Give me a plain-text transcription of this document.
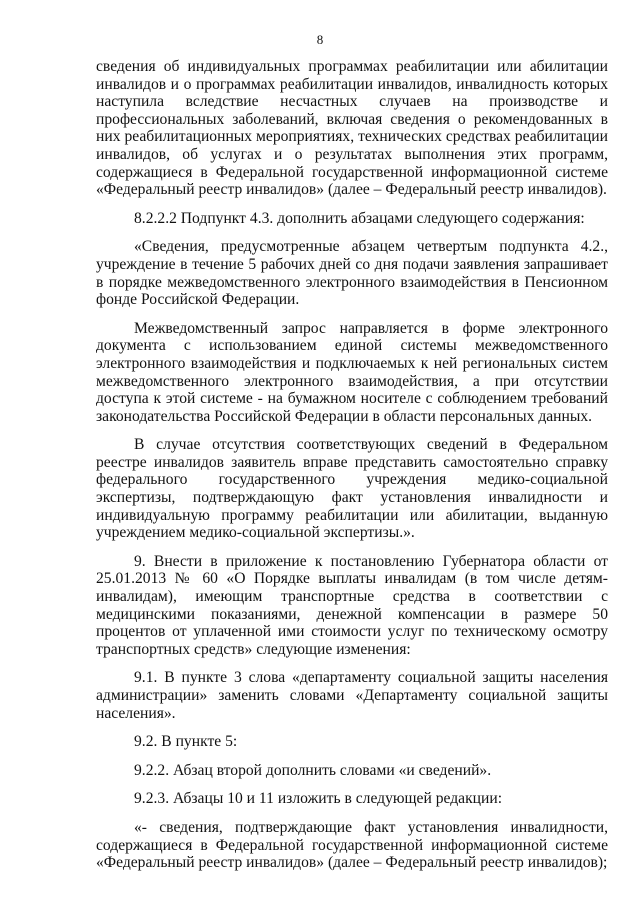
8

сведения об индивидуальных программах реабилитации или абилитации инвалидов и о программах реабилитации инвалидов, инвалидность которых наступила вследствие несчастных случаев на производстве и профессиональных заболеваний, включая сведения о рекомендованных в них реабилитационных мероприятиях, технических средствах реабилитации инвалидов, об услугах и о результатах выполнения этих программ, содержащиеся в Федеральной государственной информационной системе «Федеральный реестр инвалидов» (далее – Федеральный реестр инвалидов).

8.2.2.2 Подпункт 4.3. дополнить абзацами следующего содержания:

«Сведения, предусмотренные абзацем четвертым подпункта 4.2., учреждение в течение 5 рабочих дней со дня подачи заявления запрашивает в порядке межведомственного электронного взаимодействия в Пенсионном фонде Российской Федерации.

Межведомственный запрос направляется в форме электронного документа с использованием единой системы межведомственного электронного взаимодействия и подключаемых к ней региональных систем межведомственного электронного взаимодействия, а при отсутствии доступа к этой системе - на бумажном носителе с соблюдением требований законодательства Российской Федерации в области персональных данных.

В случае отсутствия соответствующих сведений в Федеральном реестре инвалидов заявитель вправе представить самостоятельно справку федерального государственного учреждения медико-социальной экспертизы, подтверждающую факт установления инвалидности и индивидуальную программу реабилитации или абилитации, выданную учреждением медико-социальной экспертизы.».

9. Внести в приложение к постановлению Губернатора области от 25.01.2013 № 60 «О Порядке выплаты инвалидам (в том числе детям-инвалидам), имеющим транспортные средства в соответствии с медицинскими показаниями, денежной компенсации в размере 50 процентов от уплаченной ими стоимости услуг по техническому осмотру транспортных средств» следующие изменения:

9.1. В пункте 3 слова «департаменту социальной защиты населения администрации» заменить словами «Департаменту социальной защиты населения».

9.2. В пункте 5:

9.2.2. Абзац второй дополнить словами «и сведений».

9.2.3. Абзацы 10 и 11 изложить в следующей редакции:

«- сведения, подтверждающие факт установления инвалидности, содержащиеся в Федеральной государственной информационной системе «Федеральный реестр инвалидов» (далее – Федеральный реестр инвалидов);
